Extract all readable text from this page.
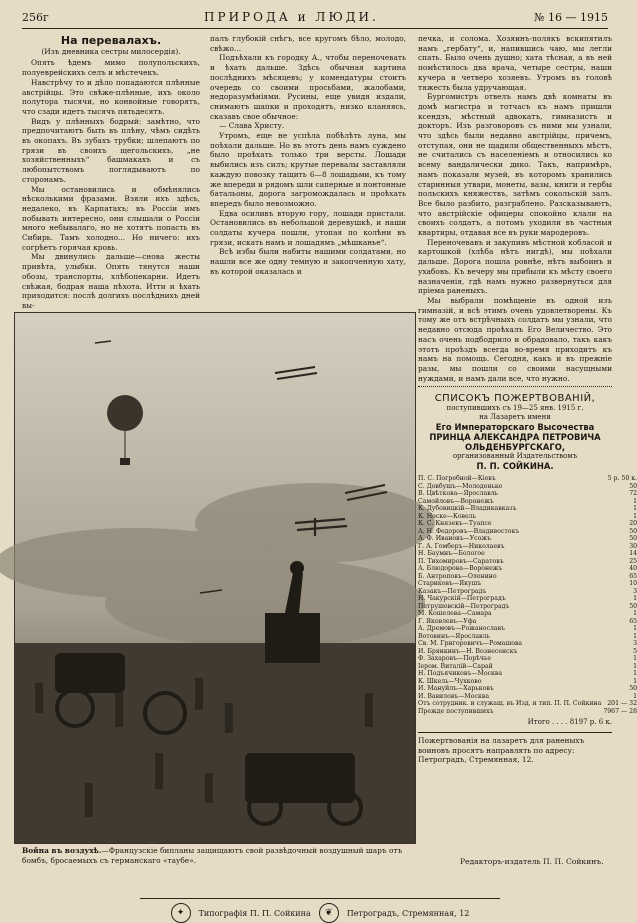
256г	ПРИРОДА и ЛЮДИ.	№ 16 — 1915
На перевалахъ.

(Изъ дневника сестры милосердія).

Опять ѣдемъ мимо полупольскихъ, полуеврейскихъ селъ и мѣстечекъ.

Навстрѣчу то и дѣло попадаются плѣнные австрійцы. Это свѣже-плѣнные, ихъ около полутора тысячи, но конвойные говорятъ, что сзади идетъ тысячъ пятьдесятъ.

Видъ у плѣнныхъ бодрый: замѣтно, что предпочитаютъ быть въ плѣну, чѣмъ сидѣть въ окопахъ. Въ зубахъ трубки; шлепаютъ по грязи въ своихъ щегольскихъ, „не хозяйственныхъ“ башмакахъ и съ любопытствомъ поглядываютъ по сторонамъ.

Мы остановились и обмѣнялись нѣсколькими фразами. Взяли ихъ здѣсь, недалеко, въ Карпатахъ; въ Россіи имъ побывать интересно, они слышали о Россіи много небывалаго, но не хотятъ попасть въ Сибирь. Тамъ холодно... Но ничего: ихъ согрѣетъ горячая кровь.

Мы двинулись дальше—снова жесты привѣта, улыбки. Опять тянутся наши обозы, транспорты, хлѣбопекарни. Идетъ свѣжая, бодрая наша пѣхота. Итти и ѣхать приходится: послѣ долгихъ послѣднихъ дней вы-

палъ глубокій снѣгъ, все кругомъ бѣло, молодо, свѣжо...

Подъѣхали къ городку А., чтобы переночевать и ѣхать дальше. Здѣсь обычная картина послѣднихъ мѣсяцевъ; у комендатуры стоитъ очередь со своими просьбами, жалобами, недоразумѣніями. Русины, еще увидя издали, снимаютъ шапки и проходятъ, низко кланяясь, сказавъ свое обычное:

— Слава Христу.

Утромъ, еще не успѣла побѣлѣть луна, мы поѣхали дальше. Но въ этотъ день намъ суждено было проѣхать только три версты. Лошади выбились изъ силъ; крутые перевалы заставляли каждую повозку тащить 6—8 лошадьми, къ тому же впереди и рядомъ шли саперные и понтонные батальоны, дорога загромождалась и проѣхать впередъ было невозможно.

Едва осиливъ вторую гору, лошади пристали. Остановились въ небольшой деревушкѣ, и наши солдаты кучера пошли, утопая по колѣни въ грязи, искать намъ и лошадямъ „мѣшканье“.

Всѣ избы были набиты нашими солдатами, но нашли все же одну темную и закопченную хату, въ которой оказалась и

печка, и солома. Хозяинъ-полякъ вскипятилъ намъ „гербату“, и, напившись чаю, мы легли спать. Было очень душно; хата тѣсная, а въ ней помѣстилось два врача, четыре сестры, наши кучера и четверо хозяевъ. Утромъ въ головѣ тяжесть была удручающая.

Бургомистръ отвелъ намъ двѣ комнаты въ домѣ магистра и тотчасъ къ намъ пришли ксендзъ, мѣстный адвокатъ, гимназистъ и докторъ. Изъ разговоровъ съ ними мы узнали, что здѣсь были недавно австрійцы, причемъ, отступая, они не щадили общественныхъ мѣстъ, не считались съ населеніемъ и относились ко всему вандалически дико. Такъ, напримѣръ, намъ показали музей, въ которомъ хранились старинныя утвари, монеты, вазы, книги и гербы польскихъ княжествъ, затѣмъ сокольскій залъ. Все было разбито, разграблено. Разсказываютъ, что австрійскіе офицеры спокойно клали на своихъ солдатъ, а потомъ уходили въ частныя квартиры, отдавая все въ руки мародеровъ.

Переночевавъ и закупивъ мѣстной кобласой и картошкой (хлѣба нѣтъ нигдѣ), мы поѣхали дальше. Дорога пошла ровнѣе, нѣтъ выбоинъ и ухабовъ. Къ вечеру мы прибыли къ мѣсту своего назначенія, гдѣ намъ нужно развернуться для пріема раненыхъ.

Мы выбрали помѣщеніе въ одной изъ гимназій, и всѣ этимъ очень удовлетворены. Къ тому же отъ встрѣчныхъ солдатъ мы узнали, что недавно отсюда проѣхалъ Его Величество. Это насъ очень подбодрило и обрадовало, такъ какъ этотъ проѣздъ всегда во-время приходитъ къ намъ на помощь. Сегодня, какъ и въ прежніе разы, мы пошли со своими насущными нуждами, и намъ дали все, что нужно.

Война въ воздухѣ.—Французскіе бипланы защищаютъ свой развѣдочный воздушный шаръ отъ бомбъ, бросаемыхъ съ германскаго «таубе».
СПИСОКЪ ПОЖЕРТВОВАНІЙ,
поступившихъ съ 19—25 янв. 1915 г.
на Лазаретъ имени
Его Императорскаго Высочества
ПРИНЦА АЛЕКСАНДРА ПЕТРОВИЧА
ОЛЬДЕНБУРГСКАГО,
организованный Издательствомъ
П. П. СОЙКИНА.
П. С. Погребной—Кіевъ		5 р. 50 к.
С. Довбушъ—Молоденьке		50
В. Цвѣткова—Ярославль		72
Самойловъ—Воронежъ		1
К. Дубовицкій—Владикавказъ		1
К. Носке—Ковель		1
К. С. Князевъ—Туапсе		20
А. Н. Федоровъ—Владивостокъ		50
А. Ф. Ивановъ—Усожъ		50
Г. А. Гомберъ—Николаевъ		30
Н. Баумнъ—Бологое		14
П. Тихомировъ—Саратовъ		25
А. Блюдорова—Воронежъ		40
Б. Антроповъ—Оленино		65
Стариковъ—Якушъ		10
Казакъ—Петроградъ		3
Н. Чакурскій—Петроградъ		1
Петрушевскій—Петроградъ		50
М. Кошелева—Самара		1
Г. Яковлевъ—Уфа		65
А. Дремовъ—Рожанославъ		1
Вотовинъ—Ярославль		1
Св. М. Григоровичъ—Ромашова		3
И. Брянкинъ—Н. Вознесенскъ		5
Ф. Захаровъ—Порѣчье		1
Іером. Виталій—Сарай		1
Н. Подъячиковъ—Москва		1
К. Шкель—Чухково		1
И. Мануйлъ—Харьковъ		50
И. Вавиловъ—Москва		1
Отъ сотрудник. и служащ. въ Изд. и тип. П. П. Сойкина		201 — 32
Прежде поступившихъ		7967 — 28
Итого . . . . 8197 р. 6 к.
Пожертвованія на лазаретъ для раненыхъ воиновъ просятъ направлять по адресу: Петроградъ, Стремянная, 12.
Редакторъ-издатель П. П. Сойкинъ.
✦	Типографія П. П. Сойкина	❦	Петроградъ, Стремянная, 12
